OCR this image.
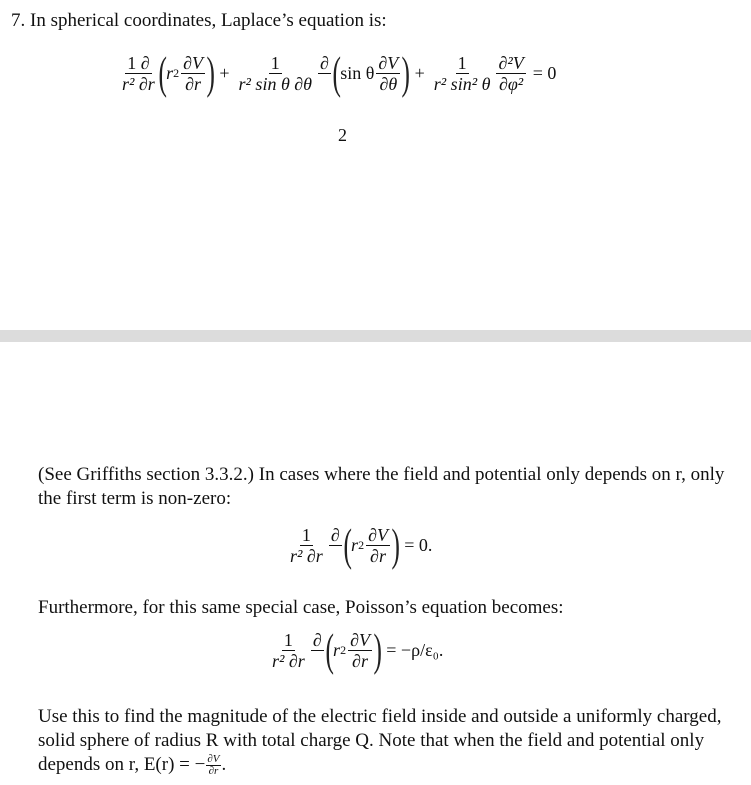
7. In spherical coordinates, Laplace’s equation is:
$\frac{1 \partial}{\text{r² ∂r}}$ ( r $2 \frac{\partial V}{\partial r}$ ) + $\frac{1}{\text{r² sin θ ∂θ}}$ ∂
( sin θ $\frac{\partial V}{\partial\theta}$ ) + $\frac{1}{\text{r² sin² θ}} \frac{\text{∂²V}}{\text{∂φ²}} = 0$
2
(See Griffiths section 3.3.2.) In cases where the field and potential only depends on r, only the first term is non-zero:
$\frac{1}{\text{r² ∂r}}$ ∂
( r $2 \frac{\partial V}{\partial r}$ ) = 0.
Furthermore, for this same special case, Poisson’s equation becomes:
$\frac{1}{\text{r² ∂r}}$ ∂
( r $2 \frac{\partial V}{\partial r}$ ) = −ρ/ε₀.
Use this to find the magnitude of the electric field inside and outside a uniformly charged, solid sphere of radius R with total charge Q. Note that when the field and potential only depends on r, E(r) = − $\frac{\partial V}{\partial r}$ .
